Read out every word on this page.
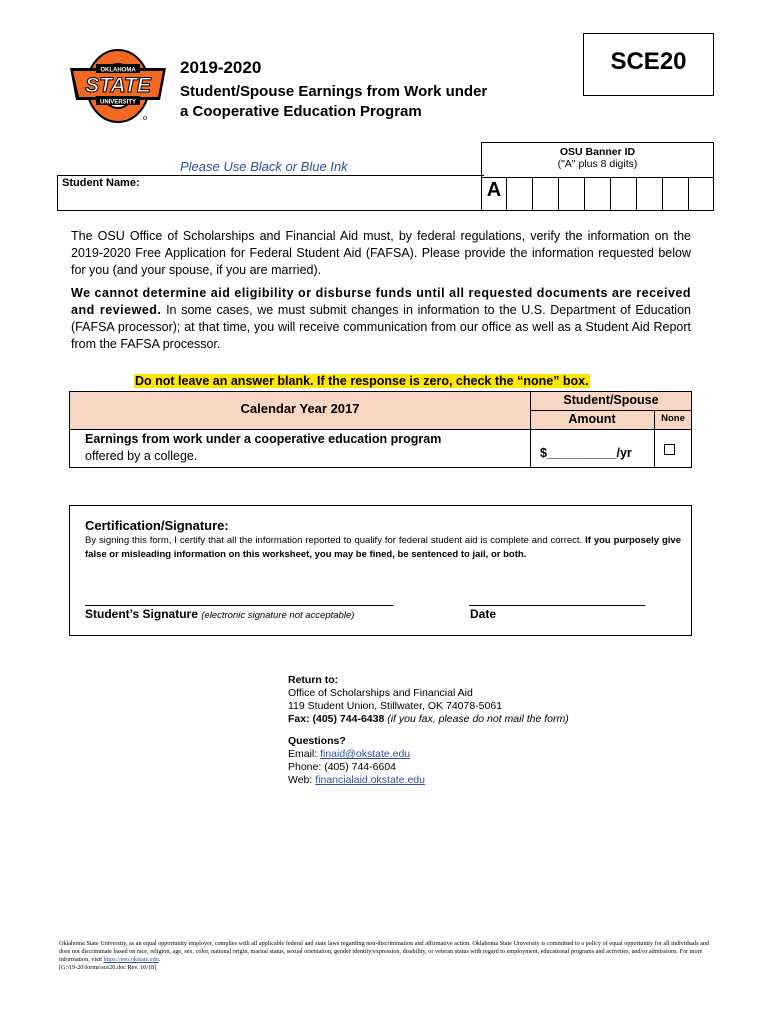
OKLAHOMA
STATE
UNIVERSITY
SCE20
2019-2020
Student/Spouse Earnings from Work under
a Cooperative Education Program
Please Use Black or Blue Ink
OSU Banner ID
("A" plus 8 digits)
A
Student Name:
The OSU Office of Scholarships and Financial Aid must, by federal regulations, verify the information on the 2019-2020 Free Application for Federal Student Aid (FAFSA). Please provide the information requested below for you (and your spouse, if you are married).
We cannot determine aid eligibility or disburse funds until all requested documents are received and reviewed. In some cases, we must submit changes in information to the U.S. Department of Education (FAFSA processor); at that time, you will receive communication from our office as well as a Student Aid Report from the FAFSA processor.
Do not leave an answer blank. If the response is zero, check the “none” box.
Calendar Year 2017
Student/Spouse
Amount	None
Earnings from work under a cooperative education program
offered by a college.	$__________/yr
Certification/Signature:
By signing this form, I certify that all the information reported to qualify for federal student aid is complete and correct. If you purposely give false or misleading information on this worksheet, you may be fined, be sentenced to jail, or both.
Student’s Signature (electronic signature not acceptable)	Date
Return to:
Office of Scholarships and Financial Aid
119 Student Union, Stillwater, OK 74078-5061
Fax: (405) 744-6438 (if you fax, please do not mail the form)
Questions?
Email: finaid@okstate.edu
Phone: (405) 744-6604
Web: financialaid.okstate.edu
Oklahoma State University, as an equal opportunity employer, complies with all applicable federal and state laws regarding non-discrimination and affirmative action. Oklahoma State University is committed to a policy of equal opportunity for all individuals and does not discriminate based on race, religion, age, sex, color, national origin, marital status, sexual orientation, gender identity/expression, disability, or veteran status with regard to employment, educational programs and activities, and/or admissions. For more information, visit https://eeo.okstate.edu.
[G:\19-20\forms\sce20.doc Rev. 10/18]
